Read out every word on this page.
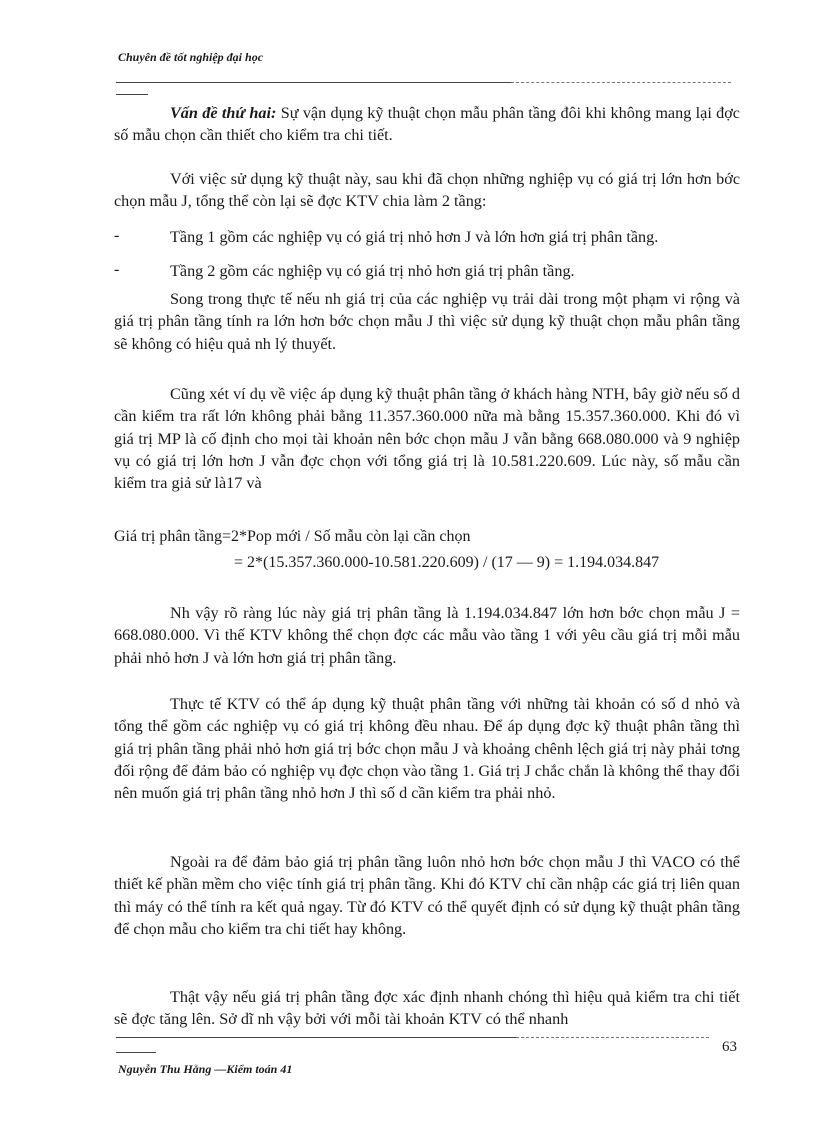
Chuyên đề tốt nghiệp đại học

Vấn đề thứ hai: Sự vận dụng kỹ thuật chọn mẫu phân tầng đôi khi không mang lại đợc số mẫu chọn cần thiết cho kiểm tra chi tiết.

Với việc sử dụng kỹ thuật này, sau khi đã chọn những nghiệp vụ có giá trị lớn hơn bớc chọn mẫu J, tổng thể còn lại sẽ đợc KTV chia làm 2 tầng:

-	Tầng 1 gồm các nghiệp vụ có giá trị nhỏ hơn J và lớn hơn giá trị phân tầng.
-	Tầng 2 gồm các nghiệp vụ có giá trị nhỏ hơn giá trị phân tầng.

Song trong thực tế nếu nh giá trị của các nghiệp vụ trải dài trong một phạm vi rộng và giá trị phân tầng tính ra lớn hơn bớc chọn mẫu J thì việc sử dụng kỹ thuật chọn mẫu phân tầng sẽ không có hiệu quả nh lý thuyết.

Cũng xét ví dụ về việc áp dụng kỹ thuật phân tầng ở khách hàng NTH, bây giờ nếu số d cần kiểm tra rất lớn không phải bằng 11.357.360.000 nữa mà bằng 15.357.360.000. Khi đó vì giá trị MP là cố định cho mọi tài khoản nên bớc chọn mẫu J vẫn bằng 668.080.000 và 9 nghiệp vụ có giá trị lớn hơn J vẫn đợc chọn với tổng giá trị là 10.581.220.609. Lúc này, số mẫu cần kiểm tra giả sử là17 và

Giá trị phân tầng=2*Pop mới / Số mẫu còn lại cần chọn
= 2*(15.357.360.000-10.581.220.609) / (17 — 9) = 1.194.034.847

Nh vậy rõ ràng lúc này giá trị phân tầng là 1.194.034.847 lớn hơn bớc chọn mẫu J = 668.080.000. Vì thế KTV không thể chọn đợc các mẫu vào tầng 1 với yêu cầu giá trị mỗi mẫu phải nhỏ hơn J và lớn hơn giá trị phân tầng.

Thực tế KTV có thể áp dụng kỹ thuật phân tầng với những tài khoản có số d nhỏ và tổng thể gồm các nghiệp vụ có giá trị không đều nhau. Để áp dụng đợc kỹ thuật phân tầng thì giá trị phân tầng phải nhỏ hơn giá trị bớc chọn mẫu J và khoảng chênh lệch giá trị này phải tơng đối rộng để đảm bảo có nghiệp vụ đợc chọn vào tầng 1. Giá trị J chắc chắn là không thể thay đổi nên muốn giá trị phân tầng nhỏ hơn J thì số d cần kiểm tra phải nhỏ.

Ngoài ra để đảm bảo giá trị phân tầng luôn nhỏ hơn bớc chọn mẫu J thì VACO có thể thiết kế phần mềm cho việc tính giá trị phân tầng. Khi đó KTV chỉ cần nhập các giá trị liên quan thì máy có thể tính ra kết quả ngay. Từ đó KTV có thể quyết định có sử dụng kỹ thuật phân tầng để chọn mẫu cho kiểm tra chi tiết hay không.

Thật vậy nếu giá trị phân tầng đợc xác định nhanh chóng thì hiệu quả kiểm tra chi tiết sẽ đợc tăng lên. Sở dĩ nh vậy bởi với mỗi tài khoản KTV có thể nhanh

63
Nguyễn Thu Hằng —Kiểm toán 41
